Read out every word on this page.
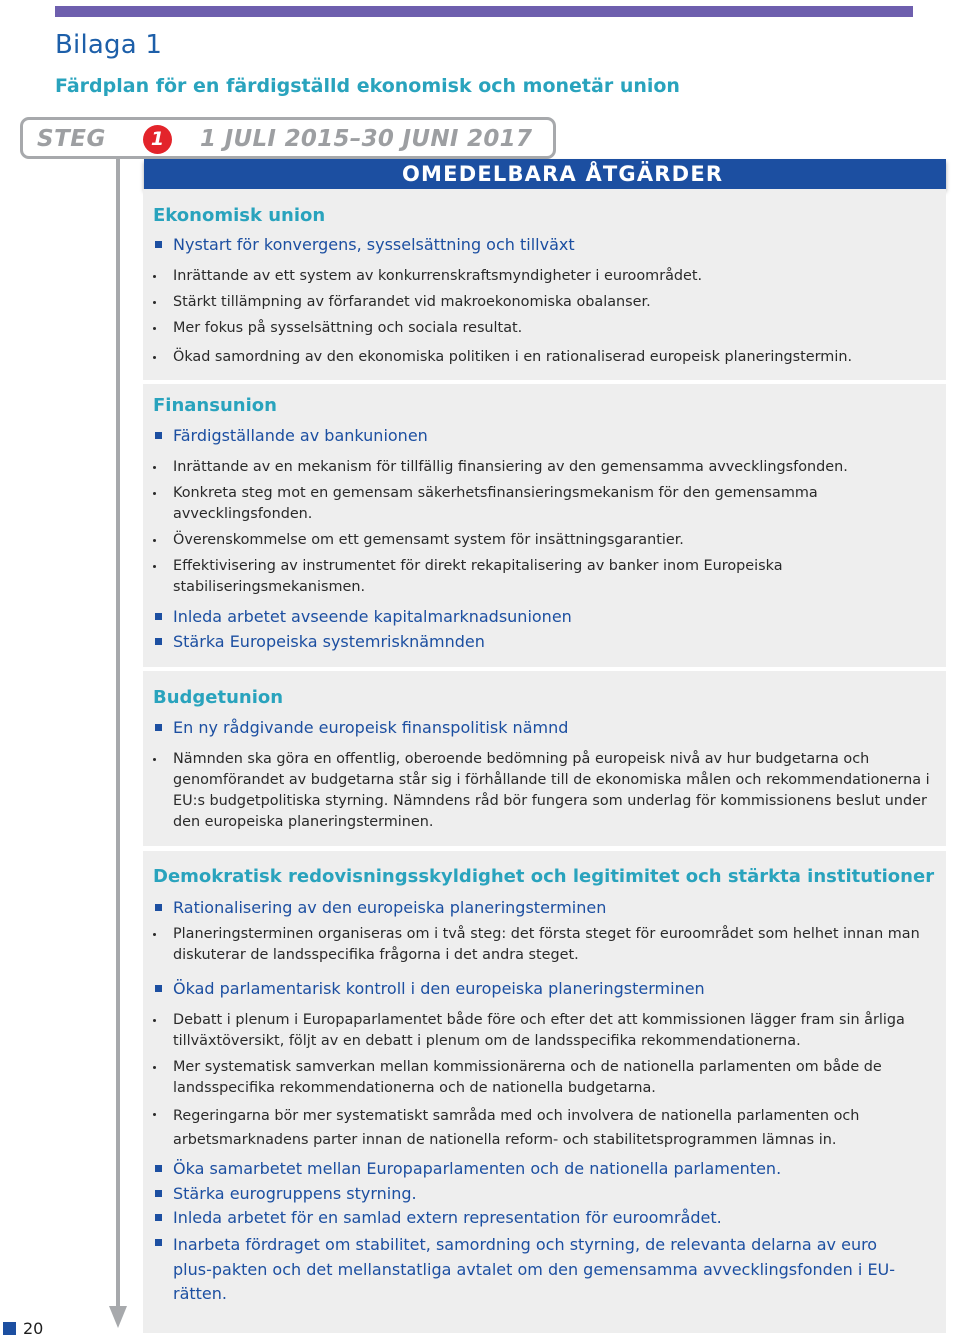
Bilaga 1
Färdplan för en färdigställd ekonomisk och monetär union
STEG	1	1 JULI 2015–30 JUNI 2017
OMEDELBARA ÅTGÄRDER
Ekonomisk union
Nystart för konvergens, sysselsättning och tillväxt
Inrättande av ett system av konkurrenskraftsmyndigheter i euroområdet.
Stärkt tillämpning av förfarandet vid makroekonomiska obalanser.
Mer fokus på sysselsättning och sociala resultat.
Ökad samordning av den ekonomiska politiken i en rationaliserad europeisk planeringstermin.
Finansunion
Färdigställande av bankunionen
Inrättande av en mekanism för tillfällig finansiering av den gemensamma avvecklingsfonden.
Konkreta steg mot en gemensam säkerhetsfinansieringsmekanism för den gemensamma avvecklingsfonden.
Överenskommelse om ett gemensamt system för insättningsgarantier.
Effektivisering av instrumentet för direkt rekapitalisering av banker inom Europeiska stabiliseringsmekanismen.
Inleda arbetet avseende kapitalmarknadsunionen
Stärka Europeiska systemrisknämnden
Budgetunion
En ny rådgivande europeisk finanspolitisk nämnd
Nämnden ska göra en offentlig, oberoende bedömning på europeisk nivå av hur budgetarna och genomförandet av budgetarna står sig i förhållande till de ekonomiska målen och rekommendationerna i EU:s budgetpolitiska styrning. Nämndens råd bör fungera som underlag för kommissionens beslut under den europeiska planeringsterminen.
Demokratisk redovisningsskyldighet och legitimitet och stärkta institutioner
Rationalisering av den europeiska planeringsterminen
Planeringsterminen organiseras om i två steg: det första steget för euroområdet som helhet innan man diskuterar de landsspecifika frågorna i det andra steget.
Ökad parlamentarisk kontroll i den europeiska planeringsterminen
Debatt i plenum i Europaparlamentet både före och efter det att kommissionen lägger fram sin årliga tillväxtöversikt, följt av en debatt i plenum om de landsspecifika rekommendationerna.
Mer systematisk samverkan mellan kommissionärerna och de nationella parlamenten om både de landsspecifika rekommendationerna och de nationella budgetarna.
Regeringarna bör mer systematiskt samråda med och involvera de nationella parlamenten och arbetsmarknadens parter innan de nationella reform- och stabilitetsprogrammen lämnas in.
Öka samarbetet mellan Europaparlamenten och de nationella parlamenten.
Stärka eurogruppens styrning.
Inleda arbetet för en samlad extern representation för euroområdet.
Inarbeta fördraget om stabilitet, samordning och styrning, de relevanta delarna av euro plus-pakten och det mellanstatliga avtalet om den gemensamma avvecklingsfonden i EU-rätten.
20
